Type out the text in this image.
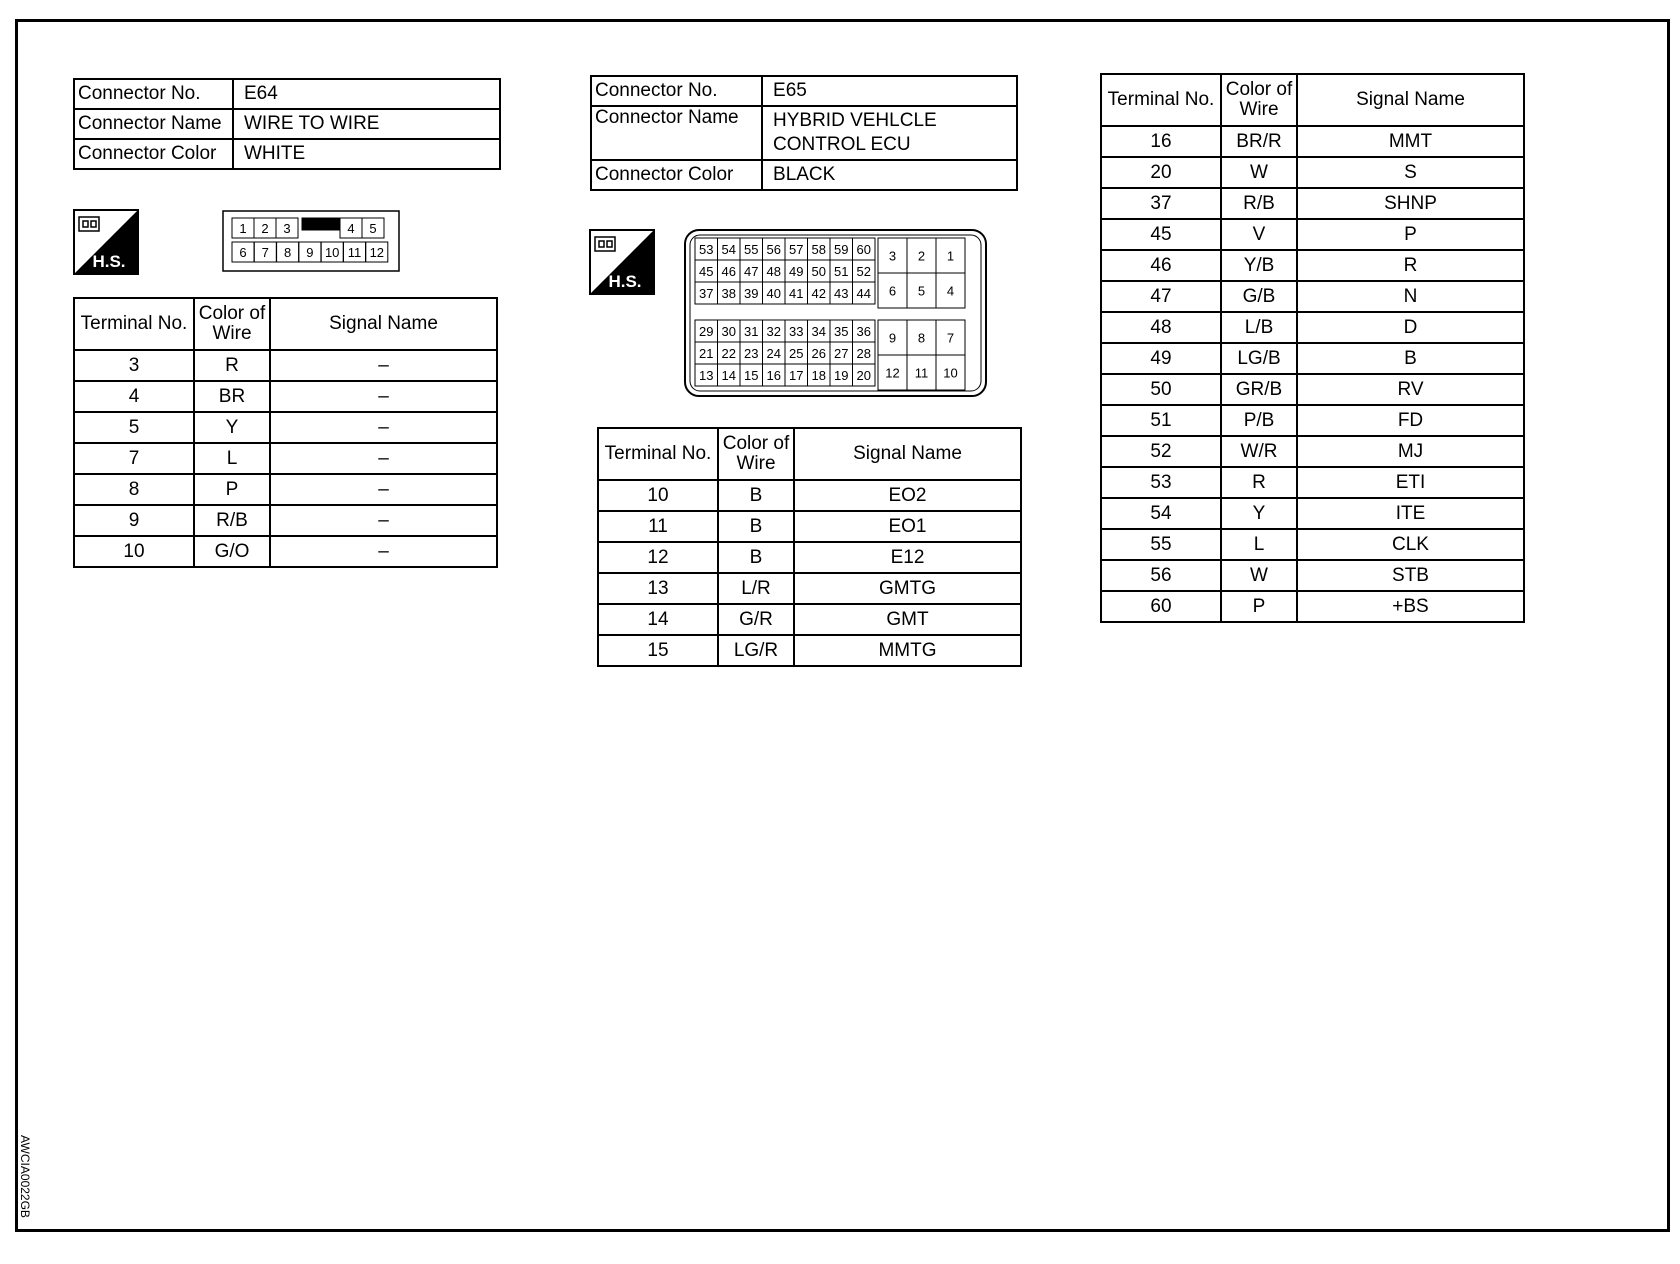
Connector No.	E64
Connector Name	WIRE TO WIRE
Connector Color	WHITE
H.S.
1 2 3	4 5
6 7 8 9 10 11 12
Terminal No.	Color of Wire	Signal Name
3	R	–
4	BR	–
5	Y	–
7	L	–
8	P	–
9	R/B	–
10	G/O	–
Connector No.	E65
Connector Name	HYBRID VEHLCLE CONTROL ECU
Connector Color	BLACK
H.S.
53 54 55 56 57 58 59 60
45 46 47 48 49 50 51 52
37 38 39 40 41 42 43 44
3 2 1
6 5 4
29 30 31 32 33 34 35 36
21 22 23 24 25 26 27 28
13 14 15 16 17 18 19 20
9 8 7
12 11 10
Terminal No.	Color of Wire	Signal Name
10	B	EO2
11	B	EO1
12	B	E12
13	L/R	GMTG
14	G/R	GMT
15	LG/R	MMTG
Terminal No.	Color of Wire	Signal Name
16	BR/R	MMT
20	W	S
37	R/B	SHNP
45	V	P
46	Y/B	R
47	G/B	N
48	L/B	D
49	LG/B	B
50	GR/B	RV
51	P/B	FD
52	W/R	MJ
53	R	ETI
54	Y	ITE
55	L	CLK
56	W	STB
60	P	+BS
AWCIA0022GB
